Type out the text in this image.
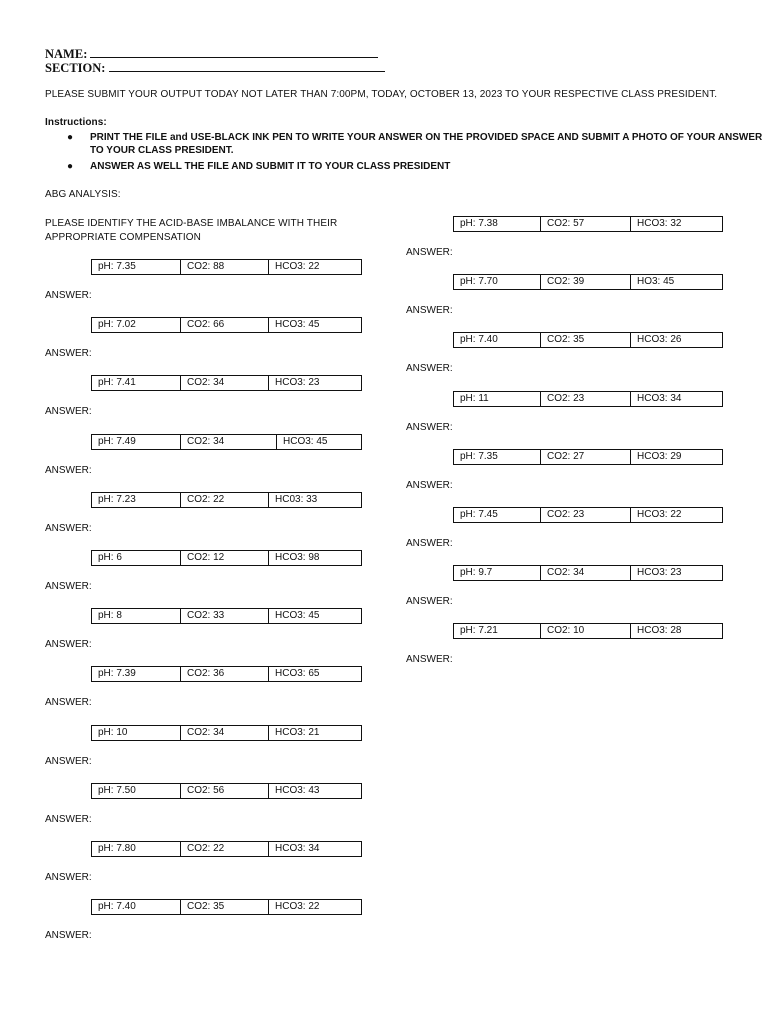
NAME:
SECTION:
PLEASE SUBMIT YOUR OUTPUT TODAY NOT LATER THAN 7:00PM, TODAY, OCTOBER 13, 2023 TO YOUR RESPECTIVE CLASS PRESIDENT.
Instructions:
● PRINT THE FILE and USE-BLACK INK PEN TO WRITE YOUR ANSWER ON THE PROVIDED SPACE AND SUBMIT A PHOTO OF YOUR ANSWER
TO YOUR CLASS PRESIDENT.
● ANSWER AS WELL THE FILE AND SUBMIT IT TO YOUR CLASS PRESIDENT
ABG ANALYSIS:
PLEASE IDENTIFY THE ACID-BASE IMBALANCE WITH THEIR
APPROPRIATE COMPENSATION
pH: 7.35	CO2: 88	HCO3: 22
ANSWER:
pH: 7.02	CO2: 66	HCO3: 45
ANSWER:
pH: 7.41	CO2: 34	HCO3: 23
ANSWER:
pH: 7.49	CO2: 34	HCO3: 45
ANSWER:
pH: 7.23	CO2: 22	HC03: 33
ANSWER:
pH: 6	CO2: 12	HCO3: 98
ANSWER:
pH: 8	CO2: 33	HCO3: 45
ANSWER:
pH: 7.39	CO2: 36	HCO3: 65
ANSWER:
pH: 10	CO2: 34	HCO3: 21
ANSWER:
pH: 7.50	CO2: 56	HCO3: 43
ANSWER:
pH: 7.80	CO2: 22	HCO3: 34
ANSWER:
pH: 7.40	CO2: 35	HCO3: 22
ANSWER:
pH: 7.38	CO2: 57	HCO3: 32
ANSWER:
pH: 7.70	CO2: 39	HO3: 45
ANSWER:
pH: 7.40	CO2: 35	HCO3: 26
ANSWER:
pH: 11	CO2: 23	HCO3: 34
ANSWER:
pH: 7.35	CO2: 27	HCO3: 29
ANSWER:
pH: 7.45	CO2: 23	HCO3: 22
ANSWER:
pH: 9.7	CO2: 34	HCO3: 23
ANSWER:
pH: 7.21	CO2: 10	HCO3: 28
ANSWER:
